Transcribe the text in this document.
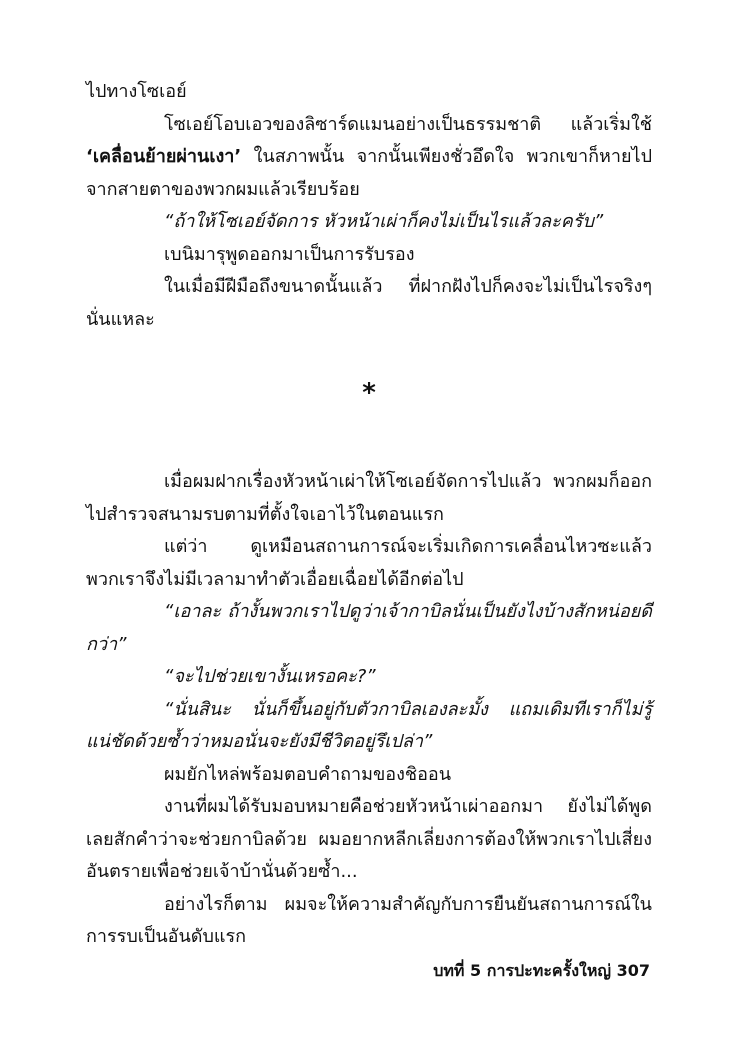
ไปทางโซเอย์

โซเอย์โอบเอวของลิซาร์ดแมนอย่างเป็นธรรมชาติ แล้วเริ่มใช้ ‘เคลื่อนย้ายผ่านเงา’ ในสภาพนั้น จากนั้นเพียงชั่วอึดใจ พวกเขาก็หายไปจากสายตาของพวกผมแล้วเรียบร้อย

“ถ้าให้โซเอย์จัดการ หัวหน้าเผ่าก็คงไม่เป็นไรแล้วละครับ”

เบนิมารุพูดออกมาเป็นการรับรอง

ในเมื่อมีฝีมือถึงขนาดนั้นแล้ว ที่ฝากฝังไปก็คงจะไม่เป็นไรจริงๆ นั่นแหละ

*

เมื่อผมฝากเรื่องหัวหน้าเผ่าให้โซเอย์จัดการไปแล้ว พวกผมก็ออกไปสำรวจสนามรบตามที่ตั้งใจเอาไว้ในตอนแรก

แต่ว่า ดูเหมือนสถานการณ์จะเริ่มเกิดการเคลื่อนไหวซะแล้ว พวกเราจึงไม่มีเวลามาทำตัวเอื่อยเฉื่อยได้อีกต่อไป

“เอาละ ถ้างั้นพวกเราไปดูว่าเจ้ากาบิลนั่นเป็นยังไงบ้างสักหน่อยดีกว่า”

“จะไปช่วยเขางั้นเหรอคะ?”

“นั่นสินะ นั่นก็ขึ้นอยู่กับตัวกาบิลเองละมั้ง แถมเดิมทีเราก็ไม่รู้แน่ชัดด้วยซ้ำว่าหมอนั่นจะยังมีชีวิตอยู่รึเปล่า”

ผมยักไหล่พร้อมตอบคำถามของชิออน

งานที่ผมได้รับมอบหมายคือช่วยหัวหน้าเผ่าออกมา ยังไม่ได้พูดเลยสักคำว่าจะช่วยกาบิลด้วย ผมอยากหลีกเลี่ยงการต้องให้พวกเราไปเสี่ยงอันตรายเพื่อช่วยเจ้าบ้านั่นด้วยซ้ำ...

อย่างไรก็ตาม ผมจะให้ความสำคัญกับการยืนยันสถานการณ์ในการรบเป็นอันดับแรก

บทที่ 5 การปะทะครั้งใหญ่ 307
